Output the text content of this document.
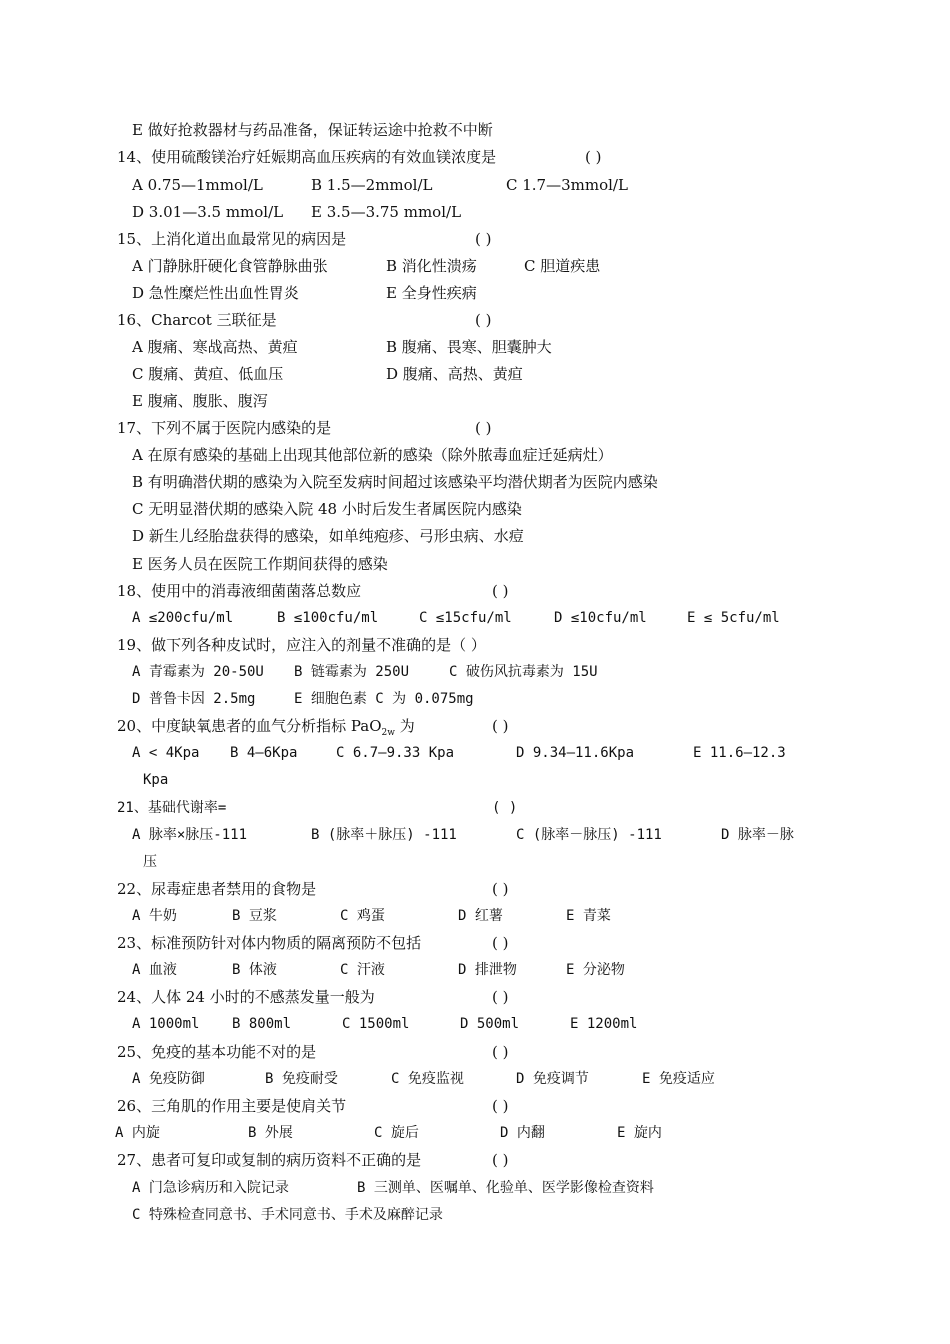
E 做好抢救器材与药品准备，保证转运途中抢救不中断
14、使用硫酸镁治疗妊娠期高血压疾病的有效血镁浓度是	( )
A 0.75—1mmol/L	B 1.5—2mmol/L	C 1.7—3mmol/L
D 3.01—3.5 mmol/L E 3.5—3.75 mmol/L
15、上消化道出血最常见的病因是	( )
A 门静脉肝硬化食管静脉曲张	B 消化性溃疡	C 胆道疾患
D 急性糜烂性出血性胃炎	E 全身性疾病
16、Charcot 三联征是	( )
A 腹痛、寒战高热、黄疸	B 腹痛、畏寒、胆囊肿大
C 腹痛、黄疸、低血压	D 腹痛、高热、黄疸
E 腹痛、腹胀、腹泻
17、下列不属于医院内感染的是	( )
A 在原有感染的基础上出现其他部位新的感染（除外脓毒血症迁延病灶）
B 有明确潜伏期的感染为入院至发病时间超过该感染平均潜伏期者为医院内感染
C 无明显潜伏期的感染入院 48 小时后发生者属医院内感染
D 新生儿经胎盘获得的感染，如单纯疱疹、弓形虫病、水痘
E 医务人员在医院工作期间获得的感染
18、使用中的消毒液细菌菌落总数应	( )
A ≤200cfu/ml	B ≤100cfu/ml	C ≤15cfu/ml	D ≤10cfu/ml	E ≤ 5cfu/ml
19、做下列各种皮试时，应注入的剂量不准确的是（ ）
A 青霉素为 20-50U B 链霉素为 250U	C 破伤风抗毒素为 15U
D 普鲁卡因 2.5mg	E 细胞色素 C 为 0.075mg
20、中度缺氧患者的血气分析指标 PaO$_{2w}$ 为	( )
A < 4Kpa B 4—6Kpa	C 6.7—9.33 Kpa	D 9.34—11.6Kpa	E 11.6—12.3
Kpa
21、基础代谢率=	( )
A 脉率×脉压-111	B (脉率＋脉压) -111	C (脉率－脉压) -111	D 脉率－脉
压
22、尿毒症患者禁用的食物是	( )
A 牛奶	B 豆浆	C 鸡蛋	D 红薯	E 青菜
23、标准预防针对体内物质的隔离预防不包括	( )
A 血液	B 体液	C 汗液	D 排泄物	E 分泌物
24、人体 24 小时的不感蒸发量一般为	( )
A 1000ml B 800ml	C 1500ml	D 500ml	E 1200ml
25、免疫的基本功能不对的是	( )
A 免疫防御	B 免疫耐受	C 免疫监视	D 免疫调节	E 免疫适应
26、三角肌的作用主要是使肩关节	( )
A 内旋	B 外展	C 旋后	D 内翻	E 旋内
27、患者可复印或复制的病历资料不正确的是	( )
A 门急诊病历和入院记录	B 三测单、医嘱单、化验单、医学影像检查资料
C 特殊检查同意书、手术同意书、手术及麻醉记录
